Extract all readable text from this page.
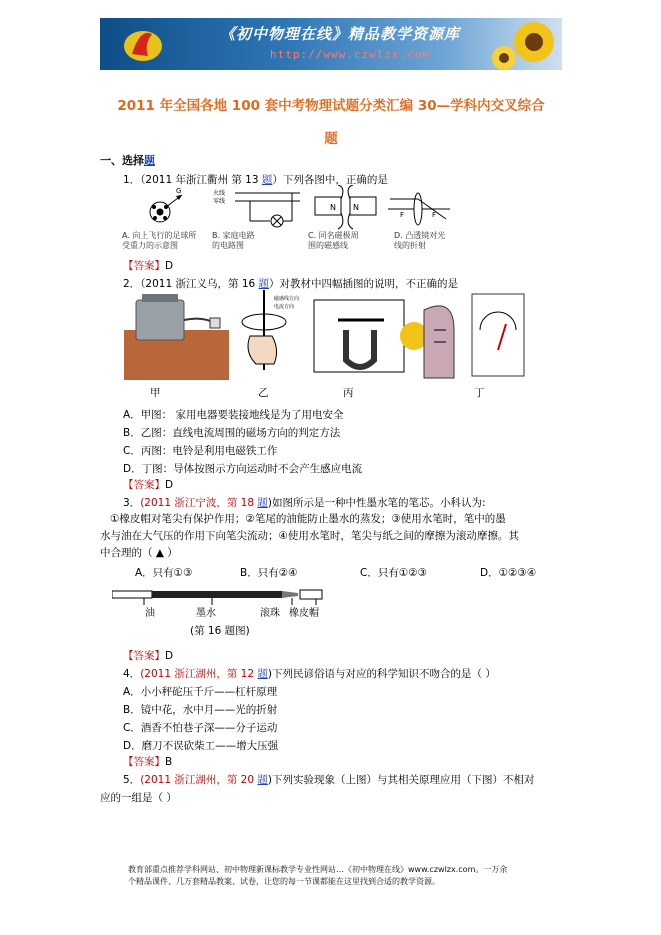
《初中物理在线》精品教学资源库
http://www.czwlzx.com
2011 年全国各地 100 套中考物理试题分类汇编 30—学科内交叉综合
题
一、选择题
1．（2011 年浙江衢州 第 13 题）下列各图中，正确的是
G	火线
零线
N N
F	F
A. 向上飞行的足球所
受重力的示意图
B. 家庭电路
的电路图
C. 同名磁极周
围的磁感线
D. 凸透镜对光
线的折射
【答案】D
2．（2011 浙江义乌，第 16 题）对教材中四幅插图的说明，不正确的是
磁感线方向
电流方向
甲	乙	丙	丁
A．甲图： 家用电器要装接地线是为了用电安全
B．乙图：直线电流周围的磁场方向的判定方法
C．丙图：电铃是利用电磁铁工作
D．丁图：导体按图示方向运动时不会产生感应电流
【答案】D
3．(2011 浙江宁波，第 18 题)如图所示是一种中性墨水笔的笔芯。小科认为:
①橡皮帽对笔尖有保护作用；②笔尾的油能防止墨水的蒸发；③使用水笔时，笔中的墨
水与油在大气压的作用下向笔尖流动；④使用水笔时，笔尖与纸之间的摩擦为滚动摩擦。其
中合理的（ ▲ ）
A．只有①③	B．只有②④	C．只有①②③	D．①②③④
油	墨水	滚珠 橡皮帽
(第 16 题图)
【答案】D
4．(2011 浙江湖州，第 12 题)下列民谚俗语与对应的科学知识不吻合的是（ ）
A．小小秤砣压千斤——杠杆原理
B．镜中花，水中月——光的折射
C．酒香不怕巷子深——分子运动
D．磨刀不误砍柴工——增大压强
【答案】B
5．(2011 浙江湖州，第 20 题)下列实验现象（上图）与其相关原理应用（下图）不相对
应的一组是（ ）
教育部重点推荐学科网站、初中物理新课标教学专业性网站…《初中物理在线》www.czwlzx.com。一万余
个精品课件、几万套精品教案、试卷，让您的每一节课都能在这里找到合适的教学资源。
